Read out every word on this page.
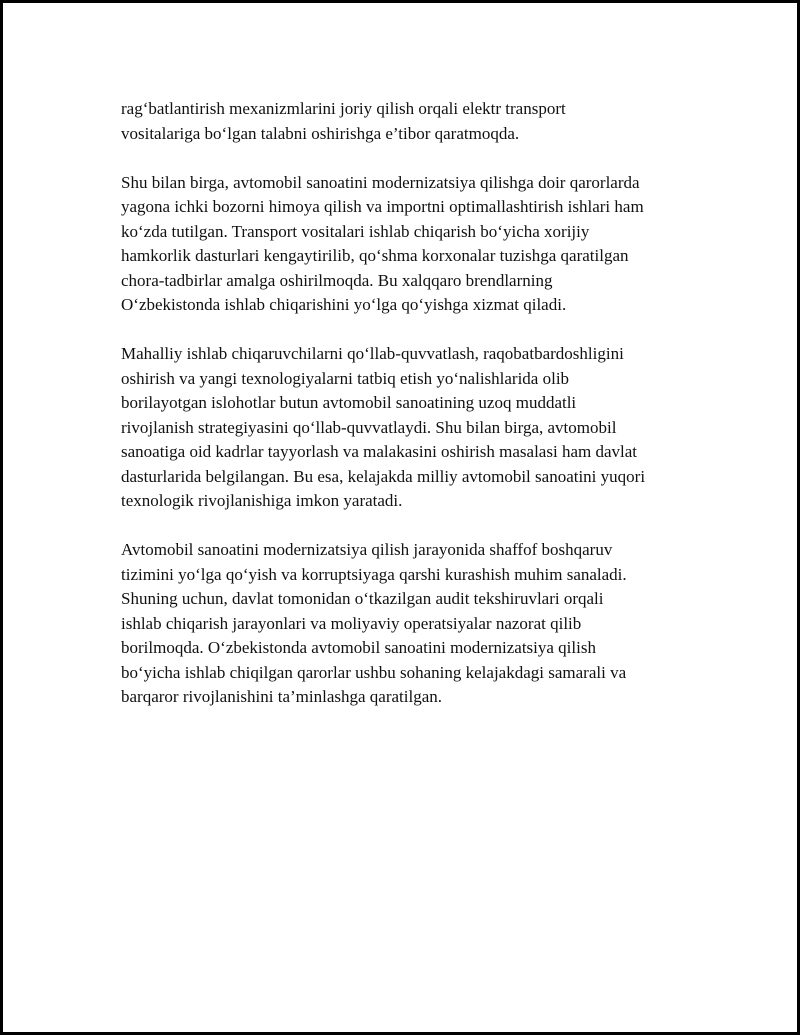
rag‘batlantirish mexanizmlarini joriy qilish orqali elektr transport
vositalariga bo‘lgan talabni oshirishga e’tibor qaratmoqda.

Shu bilan birga, avtomobil sanoatini modernizatsiya qilishga doir qarorlarda
yagona ichki bozorni himoya qilish va importni optimallashtirish ishlari ham
ko‘zda tutilgan. Transport vositalari ishlab chiqarish bo‘yicha xorijiy
hamkorlik dasturlari kengaytirilib, qo‘shma korxonalar tuzishga qaratilgan
chora-tadbirlar amalga oshirilmoqda. Bu xalqqaro brendlarning
O‘zbekistonda ishlab chiqarishini yo‘lga qo‘yishga xizmat qiladi.

Mahalliy ishlab chiqaruvchilarni qo‘llab-quvvatlash, raqobatbardoshligini
oshirish va yangi texnologiyalarni tatbiq etish yo‘nalishlarida olib
borilayotgan islohotlar butun avtomobil sanoatining uzoq muddatli
rivojlanish strategiyasini qo‘llab-quvvatlaydi. Shu bilan birga, avtomobil
sanoatiga oid kadrlar tayyorlash va malakasini oshirish masalasi ham davlat
dasturlarida belgilangan. Bu esa, kelajakda milliy avtomobil sanoatini yuqori
texnologik rivojlanishiga imkon yaratadi.

Avtomobil sanoatini modernizatsiya qilish jarayonida shaffof boshqaruv
tizimini yo‘lga qo‘yish va korruptsiyaga qarshi kurashish muhim sanaladi.
Shuning uchun, davlat tomonidan o‘tkazilgan audit tekshiruvlari orqali
ishlab chiqarish jarayonlari va moliyaviy operatsiyalar nazorat qilib
borilmoqda. O‘zbekistonda avtomobil sanoatini modernizatsiya qilish
bo‘yicha ishlab chiqilgan qarorlar ushbu sohaning kelajakdagi samarali va
barqaror rivojlanishini ta’minlashga qaratilgan.
